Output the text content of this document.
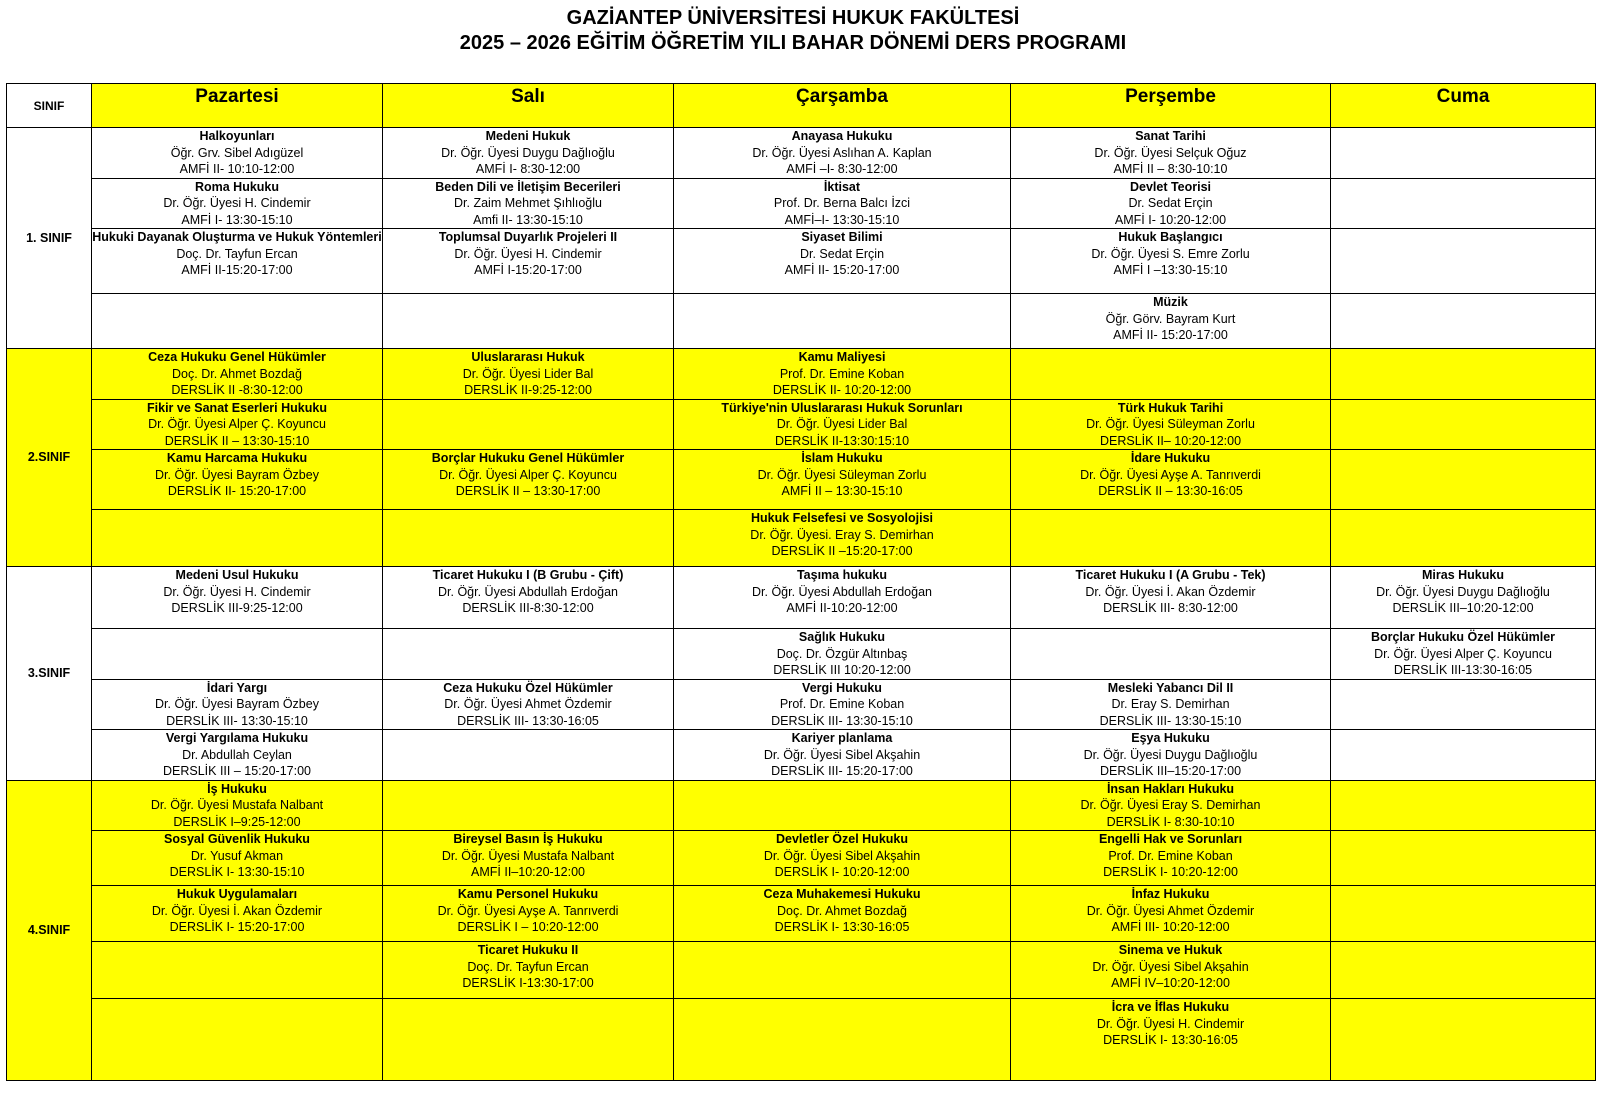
GAZİANTEP ÜNİVERSİTESİ HUKUK FAKÜLTESİ
2025 – 2026 EĞİTİM ÖĞRETİM YILI BAHAR DÖNEMİ DERS PROGRAMI
SINIF	Pazartesi	Salı	Çarşamba	Perşembe	Cuma
1. SINIF	Halkoyunları
Öğr. Grv. Sibel Adıgüzel
AMFİ II- 10:10-12:00	Medeni Hukuk
Dr. Öğr. Üyesi Duygu Dağlıoğlu
AMFİ I- 8:30-12:00	Anayasa Hukuku
Dr. Öğr. Üyesi Aslıhan A. Kaplan
AMFİ –I- 8:30-12:00	Sanat Tarihi
Dr. Öğr. Üyesi Selçuk Oğuz
AMFİ II – 8:30-10:10	

	Roma Hukuku
Dr. Öğr. Üyesi H. Cindemir
AMFİ I- 13:30-15:10	Beden Dili ve İletişim Becerileri
Dr. Zaim Mehmet Şıhlıoğlu
Amfi II- 13:30-15:10	İktisat
Prof. Dr. Berna Balcı İzci
AMFİ–I- 13:30-15:10	Devlet Teorisi
Dr. Sedat Erçin
AMFİ I- 10:20-12:00	

	Hukuki Dayanak Oluşturma ve Hukuk Yöntemleri
Doç. Dr. Tayfun Ercan
AMFİ II-15:20-17:00	Toplumsal Duyarlık Projeleri II
Dr. Öğr. Üyesi H. Cindemir
AMFİ I-15:20-17:00	Siyaset Bilimi
Dr. Sedat Erçin
AMFİ II- 15:20-17:00	Hukuk Başlangıcı
Dr. Öğr. Üyesi S. Emre Zorlu
AMFİ I –13:30-15:10	

				Müzik
Öğr. Görv. Bayram Kurt
AMFİ II- 15:20-17:00	

2.SINIF	Ceza Hukuku Genel Hükümler
Doç. Dr. Ahmet Bozdağ
DERSLİK II -8:30-12:00	Uluslararası Hukuk
Dr. Öğr. Üyesi Lider Bal
DERSLİK II-9:25-12:00	Kamu Maliyesi
Prof. Dr. Emine Koban
DERSLİK II- 10:20-12:00		

	Fikir ve Sanat Eserleri Hukuku
Dr. Öğr. Üyesi Alper Ç. Koyuncu
DERSLİK II – 13:30-15:10		Türkiye'nin Uluslararası Hukuk Sorunları
Dr. Öğr. Üyesi Lider Bal
DERSLİK II-13:30:15:10	Türk Hukuk Tarihi
Dr. Öğr. Üyesi Süleyman Zorlu
DERSLİK II– 10:20-12:00	

	Kamu Harcama Hukuku
Dr. Öğr. Üyesi Bayram Özbey
DERSLİK II- 15:20-17:00	Borçlar Hukuku Genel Hükümler
Dr. Öğr. Üyesi Alper Ç. Koyuncu
DERSLİK II – 13:30-17:00	İslam Hukuku
Dr. Öğr. Üyesi Süleyman Zorlu
AMFİ II – 13:30-15:10	İdare Hukuku
Dr. Öğr. Üyesi Ayşe A. Tanrıverdi
DERSLİK II – 13:30-16:05	

			Hukuk Felsefesi ve Sosyolojisi
Dr. Öğr. Üyesi. Eray S. Demirhan
DERSLİK II –15:20-17:00		

3.SINIF	Medeni Usul Hukuku
Dr. Öğr. Üyesi H. Cindemir
DERSLİK III-9:25-12:00	Ticaret Hukuku I (B Grubu - Çift)
Dr. Öğr. Üyesi Abdullah Erdoğan
DERSLİK III-8:30-12:00	Taşıma hukuku
Dr. Öğr. Üyesi Abdullah Erdoğan
AMFİ II-10:20-12:00	Ticaret Hukuku I (A Grubu - Tek)
Dr. Öğr. Üyesi İ. Akan Özdemir
DERSLİK III- 8:30-12:00	Miras Hukuku
Dr. Öğr. Üyesi Duygu Dağlıoğlu
DERSLİK III–10:20-12:00

			Sağlık Hukuku
Doç. Dr. Özgür Altınbaş
DERSLİK III 10:20-12:00		Borçlar Hukuku Özel Hükümler
Dr. Öğr. Üyesi Alper Ç. Koyuncu
DERSLİK III-13:30-16:05

	İdari Yargı
Dr. Öğr. Üyesi Bayram Özbey
DERSLİK III- 13:30-15:10	Ceza Hukuku Özel Hükümler
Dr. Öğr. Üyesi Ahmet Özdemir
DERSLİK III- 13:30-16:05	Vergi Hukuku
Prof. Dr. Emine Koban
DERSLİK III- 13:30-15:10	Mesleki Yabancı Dil II
Dr. Eray S. Demirhan
DERSLİK III- 13:30-15:10	

	Vergi Yargılama Hukuku
Dr. Abdullah Ceylan
DERSLİK III – 15:20-17:00		Kariyer planlama
Dr. Öğr. Üyesi Sibel Akşahin
DERSLİK III- 15:20-17:00	Eşya Hukuku
Dr. Öğr. Üyesi Duygu Dağlıoğlu
DERSLİK III–15:20-17:00	

4.SINIF	İş Hukuku
Dr. Öğr. Üyesi Mustafa Nalbant
DERSLİK I–9:25-12:00			İnsan Hakları Hukuku
Dr. Öğr. Üyesi Eray S. Demirhan
DERSLİK I- 8:30-10:10	

	Sosyal Güvenlik Hukuku
Dr. Yusuf Akman
DERSLİK I- 13:30-15:10	Bireysel Basın İş Hukuku
Dr. Öğr. Üyesi Mustafa Nalbant
AMFİ II–10:20-12:00	Devletler Özel Hukuku
Dr. Öğr. Üyesi Sibel Akşahin
DERSLİK I- 10:20-12:00	Engelli Hak ve Sorunları
Prof. Dr. Emine Koban
DERSLİK I- 10:20-12:00	

	Hukuk Uygulamaları
Dr. Öğr. Üyesi İ. Akan Özdemir
DERSLİK I- 15:20-17:00	Kamu Personel Hukuku
Dr. Öğr. Üyesi Ayşe A. Tanrıverdi
DERSLİK I – 10:20-12:00	Ceza Muhakemesi Hukuku
Doç. Dr. Ahmet Bozdağ
DERSLİK I- 13:30-16:05	İnfaz Hukuku
Dr. Öğr. Üyesi Ahmet Özdemir
AMFİ III- 10:20-12:00	

		Ticaret Hukuku II
Doç. Dr. Tayfun Ercan
DERSLİK I-13:30-17:00		Sinema ve Hukuk
Dr. Öğr. Üyesi Sibel Akşahin
AMFİ IV–10:20-12:00	

				İcra ve İflas Hukuku
Dr. Öğr. Üyesi H. Cindemir
DERSLİK I- 13:30-16:05	
